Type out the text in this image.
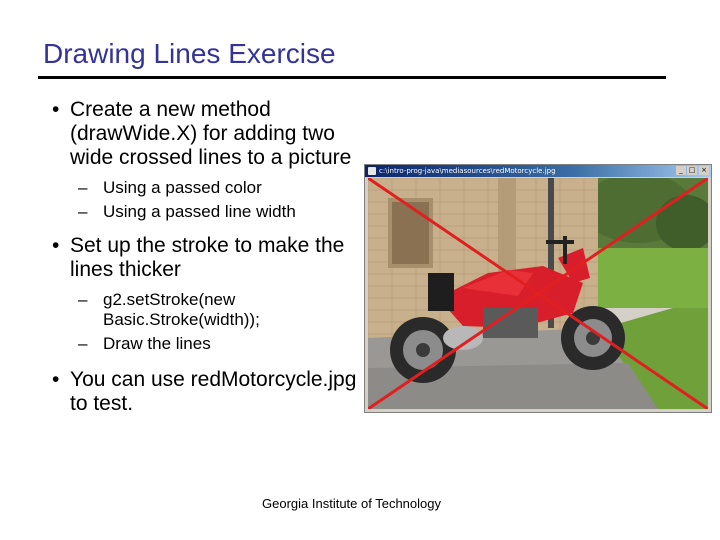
Drawing Lines Exercise
• Create a new method (drawWide.X) for adding two wide crossed lines to a picture
– Using a passed color
– Using a passed line width
• Set up the stroke to make the lines thicker
– g2.setStroke(new Basic.Stroke(width));
– Draw the lines
• You can use redMotorcycle.jpg to test.
c:\intro-prog-java\mediasources\redMotorcycle.jpg	_ □ ×
Georgia Institute of Technology
